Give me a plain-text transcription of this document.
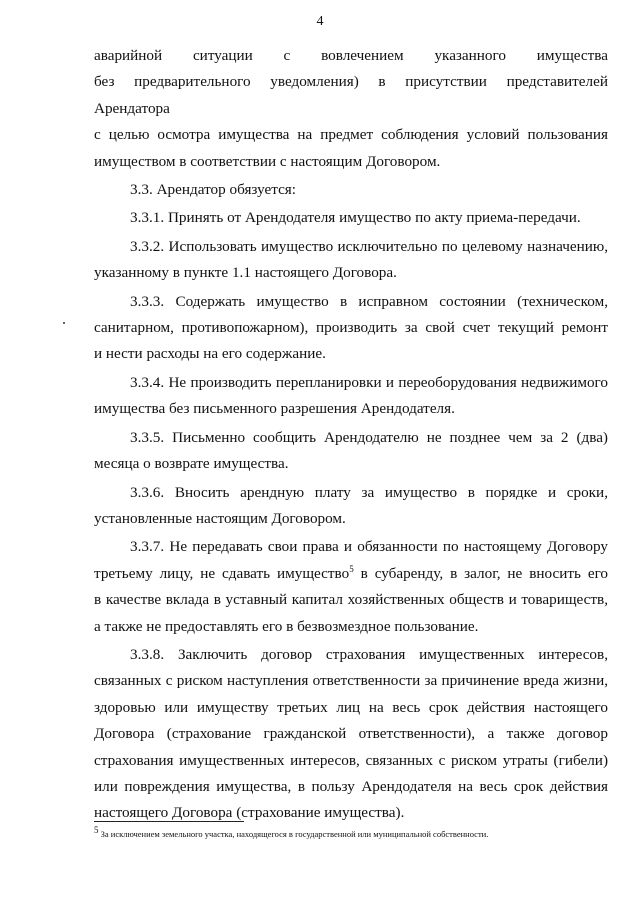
4

аварийной ситуации с вовлечением указанного имущества
без предварительного уведомления) в присутствии представителей Арендатора
с целью осмотра имущества на предмет соблюдения условий пользования
имуществом в соответствии с настоящим Договором.

3.3. Арендатор обязуется:

3.3.1. Принять от Арендодателя имущество по акту приема-передачи.

3.3.2. Использовать имущество исключительно по целевому назначению,
указанному в пункте 1.1 настоящего Договора.

3.3.3. Содержать имущество в исправном состоянии (техническом,
санитарном, противопожарном), производить за свой счет текущий ремонт
и нести расходы на его содержание.

3.3.4. Не производить перепланировки и переоборудования недвижимого
имущества без письменного разрешения Арендодателя.

3.3.5. Письменно сообщить Арендодателю не позднее чем за 2 (два)
месяца о возврате имущества.

3.3.6. Вносить арендную плату за имущество в порядке и сроки,
установленные настоящим Договором.

3.3.7. Не передавать свои права и обязанности по настоящему Договору
третьему лицу, не сдавать имущество$^5$ в субаренду, в залог, не вносить его
в качестве вклада в уставный капитал хозяйственных обществ и товариществ,
а также не предоставлять его в безвозмездное пользование.

3.3.8. Заключить договор страхования имущественных интересов,
связанных с риском наступления ответственности за причинение вреда жизни,
здоровью или имуществу третьих лиц на весь срок действия настоящего
Договора (страхование гражданской ответственности), а также договор
страхования имущественных интересов, связанных с риском утраты (гибели)
или повреждения имущества, в пользу Арендодателя на весь срок действия
настоящего Договора (страхование имущества).

$^5$ За исключением земельного участка, находящегося в государственной или муниципальной собственности.
